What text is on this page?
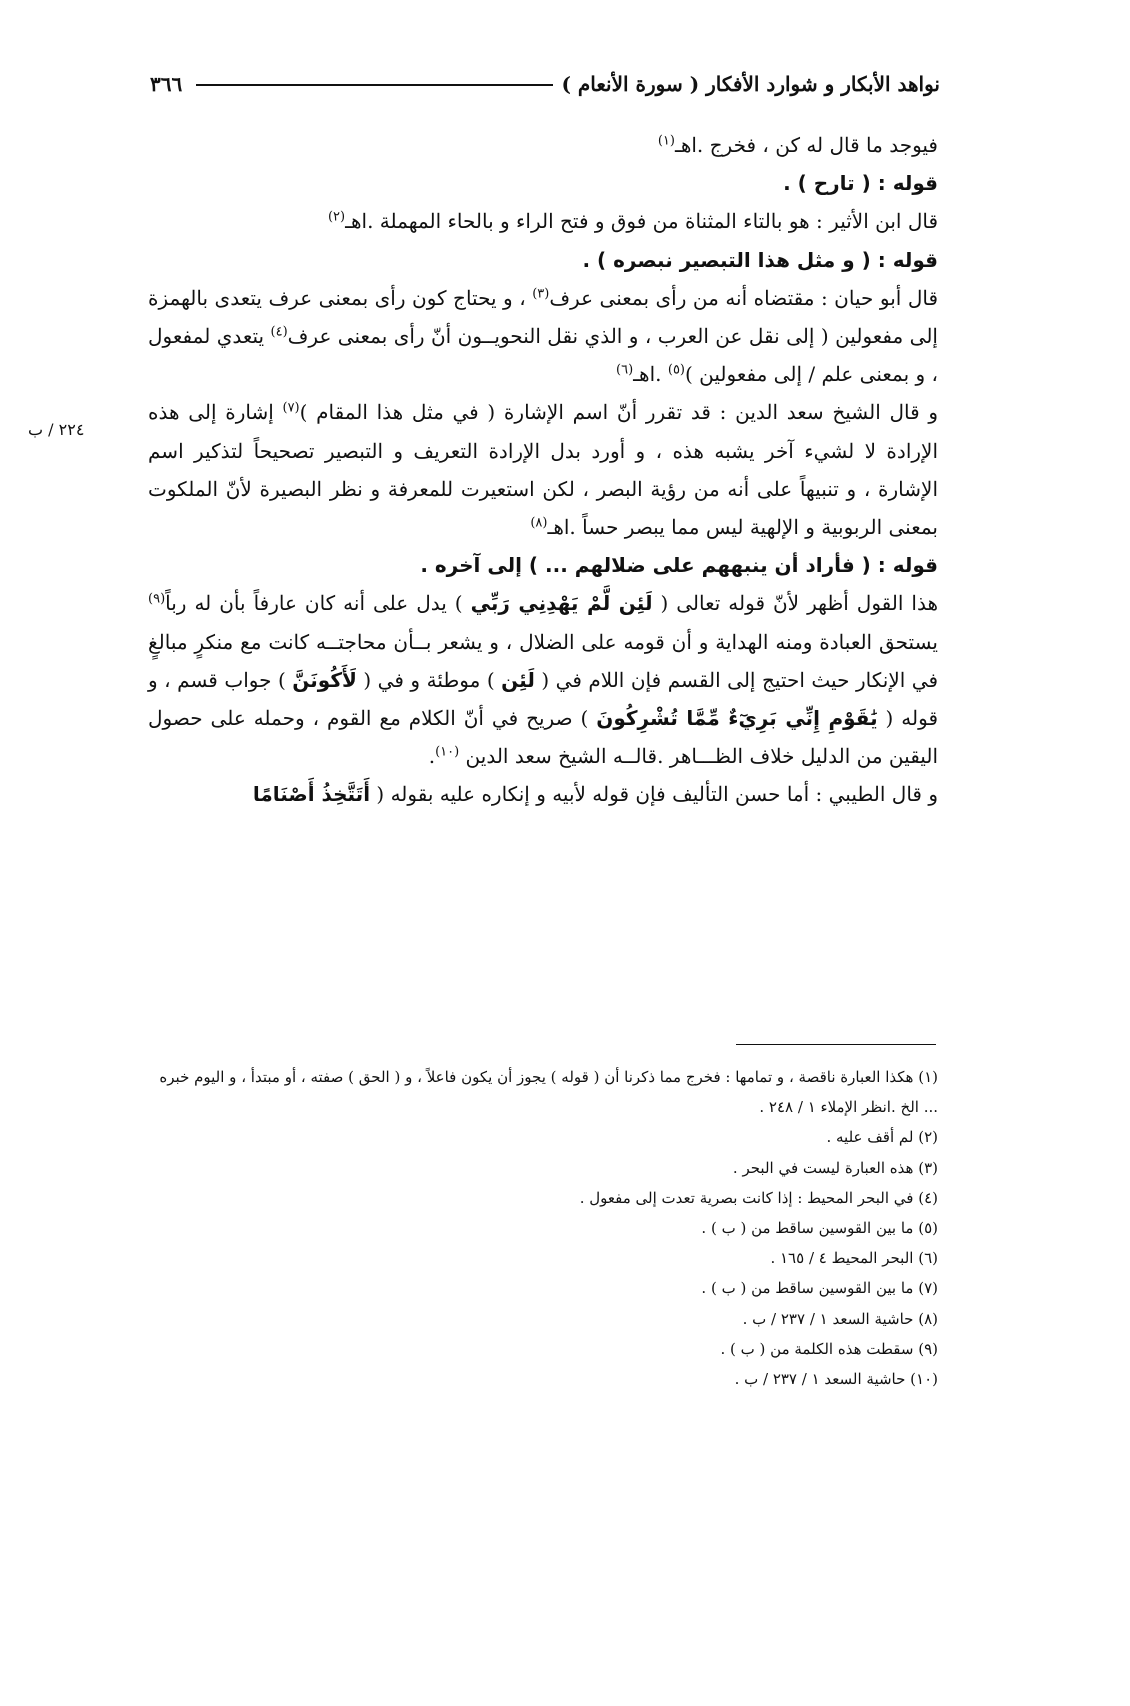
٣٦٦	نواهد الأبكار و شوارد الأفكار ( سورة الأنعام )
٢٢٤ / ب

فيوجد ما قال له كن ، فخرج .اهـ$^{(١)}$

قوله : ( تارح ) .

قال ابن الأثير : هو بالتاء المثناة من فوق و فتح الراء و بالحاء المهملة .اهـ$^{(٢)}$

قوله : ( و مثل هذا التبصير نبصره ) .

قال أبو حيان : مقتضاه أنه من رأى بمعنى عرف$^{(٣)}$ ، و يحتاج كون رأى بمعنى عرف يتعدى بالهمزة إلى مفعولين ( إلى نقل عن العرب ، و الذي نقل النحويــون أنّ رأى بمعنى عرف$^{(٤)}$ يتعدي لمفعول ، و بمعنى علم / إلى مفعولين )$^{(٥)}$ .اهـ$^{(٦)}$

و قال الشيخ سعد الدين : قد تقرر أنّ اسم الإشارة ( في مثل هذا المقام )$^{(٧)}$ إشارة إلى هذه الإرادة لا لشيء آخر يشبه هذه ، و أورد بدل الإرادة التعريف و التبصير تصحيحاً لتذكير اسم الإشارة ، و تنبيهاً على أنه من رؤية البصر ، لكن استعيرت للمعرفة و نظر البصيرة لأنّ الملكوت بمعنى الربوبية و الإلهية ليس مما يبصر حساً .اهـ$^{(٨)}$

قوله : ( فأراد أن ينبههم على ضلالهم ... ) إلى آخره .

هذا القول أظهر لأنّ قوله تعالى ( لَئِن لَّمْ يَهْدِنِي رَبِّي ) يدل على أنه كان عارفاً بأن له رباً$^{(٩)}$ يستحق العبادة ومنه الهداية و أن قومه على الضلال ، و يشعر بــأن محاجتــه كانت مع منكرٍ مبالغٍ في الإنكار حيث احتيج إلى القسم فإن اللام في ( لَئِن ) موطئة و في ( لَأَكُونَنَّ ) جواب قسم ، و قوله ( يَٰقَوْمِ إِنِّي بَرِيٓءٌ مِّمَّا تُشْرِكُونَ ) صريح في أنّ الكلام مع القوم ، وحمله على حصول اليقين من الدليل خلاف الظـــاهر .قالــه الشيخ سعد الدين $^{(١٠)}$.

و قال الطيبي : أما حسن التأليف فإن قوله لأبيه و إنكاره عليه بقوله ( أَتَتَّخِذُ أَصْنَامًا

(١) هكذا العبارة ناقصة ، و تمامها : فخرج مما ذكرنا أن ( قوله ) يجوز أن يكون فاعلاً ، و ( الحق ) صفته ، أو مبتدأ ، و اليوم خبره ... الخ .انظر الإملاء ١ / ٢٤٨ .

(٢) لم أقف عليه .

(٣) هذه العبارة ليست في البحر .

(٤) في البحر المحيط : إذا كانت بصرية تعدت إلى مفعول .

(٥) ما بين القوسين ساقط من ( ب ) .

(٦) البحر المحيط ٤ / ١٦٥ .

(٧) ما بين القوسين ساقط من ( ب ) .

(٨) حاشية السعد ١ / ٢٣٧ / ب .

(٩) سقطت هذه الكلمة من ( ب ) .

(١٠) حاشية السعد ١ / ٢٣٧ / ب .
